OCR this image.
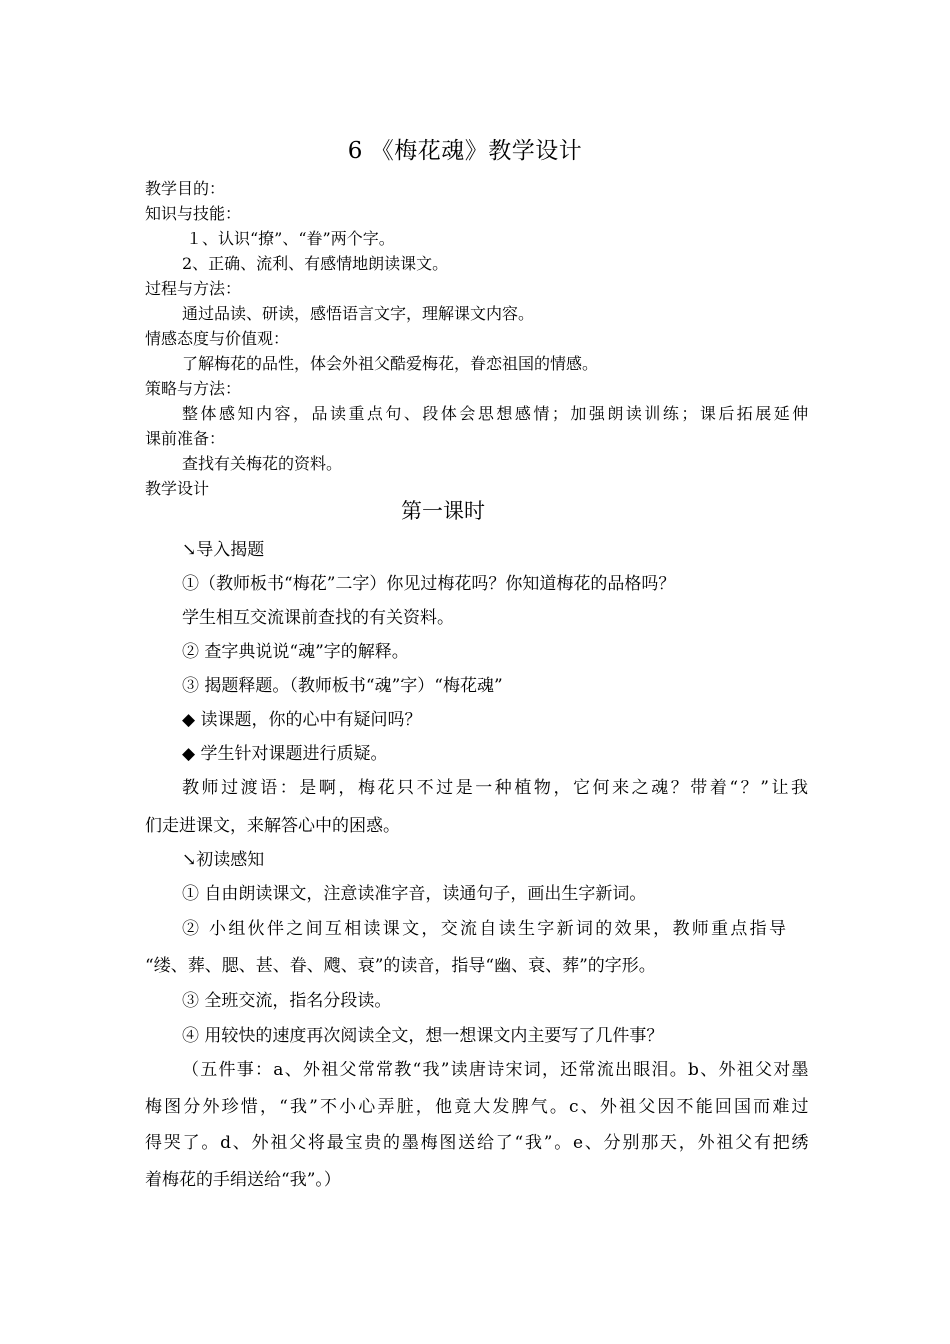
6 《梅花魂》教学设计
教学目的：
知识与技能：
１、认识“撩”、“眷”两个字。
2、正确、流利、有感情地朗读课文。
过程与方法：
通过品读、研读，感悟语言文字，理解课文内容。
情感态度与价值观：
了解梅花的品性，体会外祖父酷爱梅花，眷恋祖国的情感。
策略与方法：
整体感知内容，品读重点句、段体会思想感情；加强朗读训练；课后拓展延伸
课前准备：
查找有关梅花的资料。
教学设计
第一课时
↘导入揭题
①（教师板书“梅花”二字）你见过梅花吗？你知道梅花的品格吗？
学生相互交流课前查找的有关资料。
② 查字典说说“魂”字的解释。
③ 揭题释题。（教师板书“魂”字）“梅花魂”
◆ 读课题，你的心中有疑问吗？
◆ 学生针对课题进行质疑。
教师过渡语：是啊，梅花只不过是一种植物，它何来之魂？带着“？”让我
们走进课文，来解答心中的困惑。
↘初读感知
① 自由朗读课文，注意读准字音，读通句子，画出生字新词。
② 小组伙伴之间互相读课文，交流自读生字新词的效果，教师重点指导
“缕、葬、腮、甚、眷、飕、衰”的读音，指导“幽、衰、葬”的字形。
③ 全班交流，指名分段读。
④ 用较快的速度再次阅读全文，想一想课文内主要写了几件事？
（五件事：a、外祖父常常教“我”读唐诗宋词，还常流出眼泪。b、外祖父对墨
梅图分外珍惜，“我”不小心弄脏，他竟大发脾气。c、外祖父因不能回国而难过
得哭了。d、外祖父将最宝贵的墨梅图送给了“我”。e、分别那天，外祖父有把绣
着梅花的手绢送给“我”。）
